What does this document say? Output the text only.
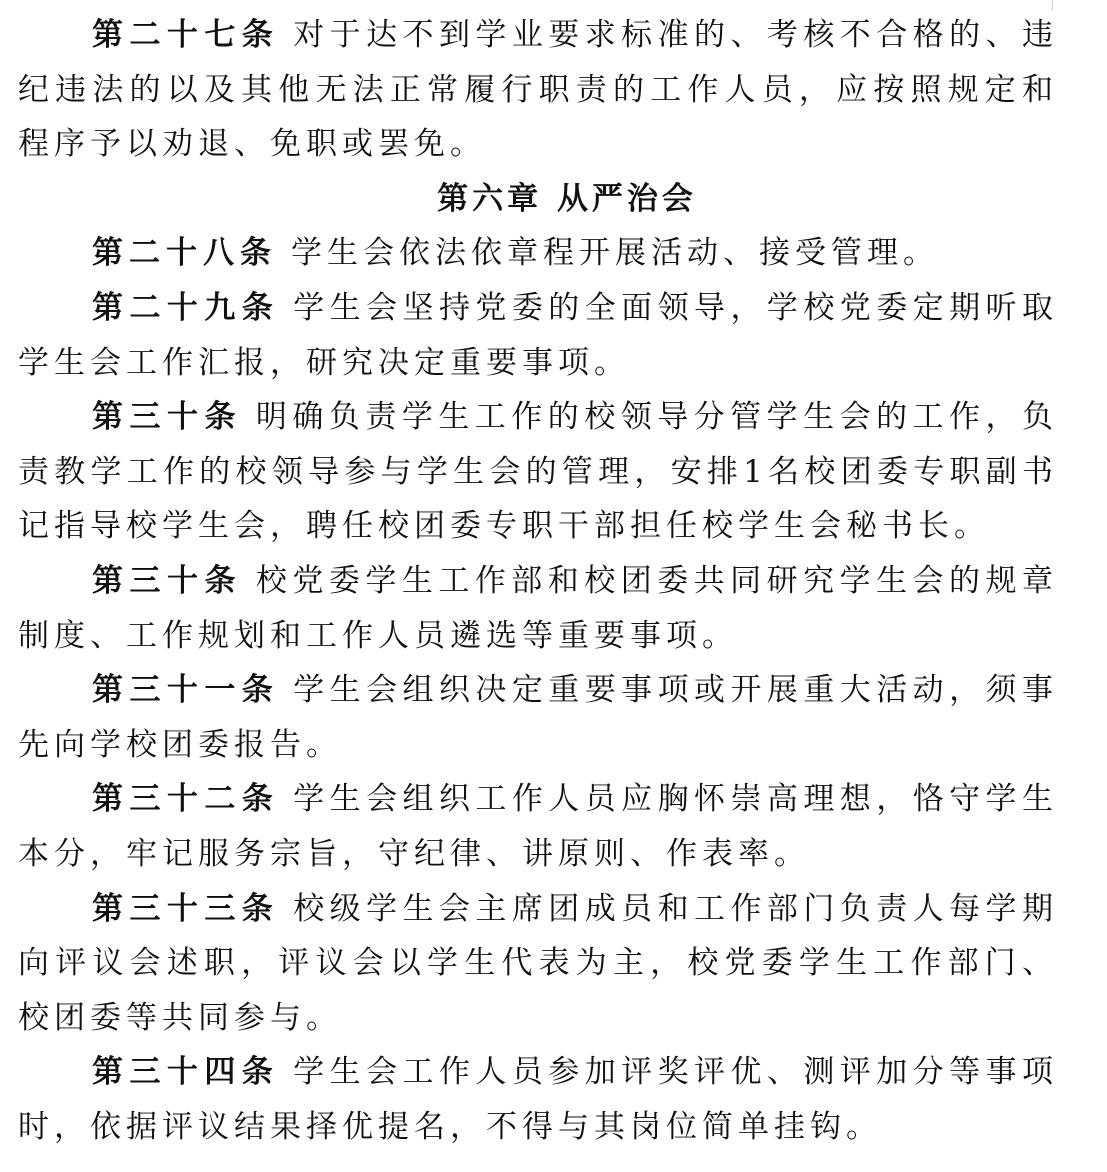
第二十七条 对于达不到学业要求标准的、考核不合格的、违纪违法的以及其他无法正常履行职责的工作人员，应按照规定和程序予以劝退、免职或罢免。

第六章 从严治会

第二十八条 学生会依法依章程开展活动、接受管理。

第二十九条 学生会坚持党委的全面领导，学校党委定期听取学生会工作汇报，研究决定重要事项。

第三十条 明确负责学生工作的校领导分管学生会的工作，负责教学工作的校领导参与学生会的管理，安排1名校团委专职副书记指导校学生会，聘任校团委专职干部担任校学生会秘书长。

第三十条 校党委学生工作部和校团委共同研究学生会的规章制度、工作规划和工作人员遴选等重要事项。

第三十一条 学生会组织决定重要事项或开展重大活动，须事先向学校团委报告。

第三十二条 学生会组织工作人员应胸怀崇高理想，恪守学生本分，牢记服务宗旨，守纪律、讲原则、作表率。

第三十三条 校级学生会主席团成员和工作部门负责人每学期向评议会述职，评议会以学生代表为主，校党委学生工作部门、校团委等共同参与。

第三十四条 学生会工作人员参加评奖评优、测评加分等事项时，依据评议结果择优提名，不得与其岗位简单挂钩。
